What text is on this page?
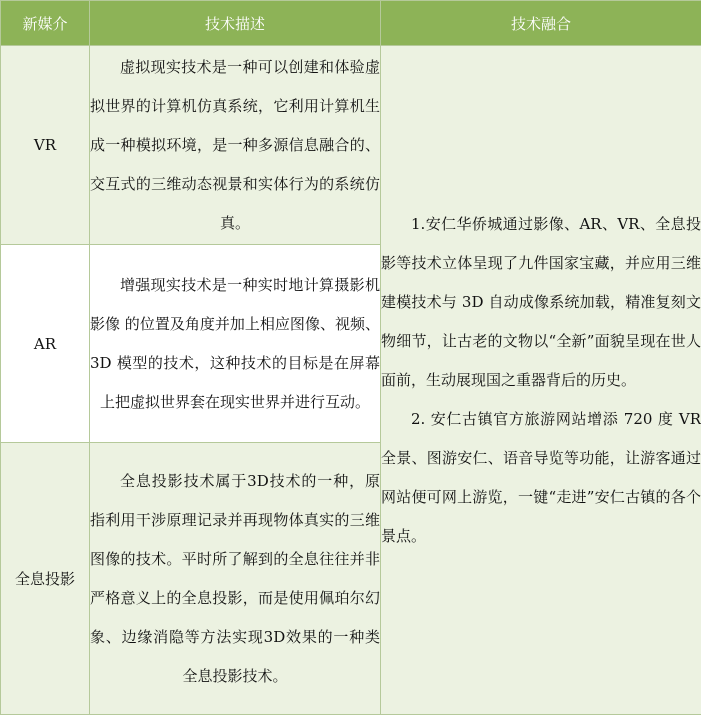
新媒介	技术描述	技术融合
VR	虚拟现实技术是一种可以创建和体验虚拟世界的计算机仿真系统，它利用计算机生成一种模拟环境，是一种多源信息融合的、交互式的三维动态视景和实体行为的系统仿真。	1.安仁华侨城通过影像、AR、VR、全息投影等技术立体呈现了九件国家宝藏，并应用三维建模技术与 3D 自动成像系统加载，精准复刻文物细节，让古老的文物以“全新”面貌呈现在世人面前，生动展现国之重器背后的历史。

2. 安仁古镇官方旅游网站增添 720 度 VR 全景、图游安仁、语音导览等功能，让游客通过网站便可网上游览，一键“走进”安仁古镇的各个景点。

AR	增强现实技术是一种实时地计算摄影机影像 的位置及角度并加上相应图像、视频、3D 模型的技术，这种技术的目标是在屏幕上把虚拟世界套在现实世界并进行互动。	

全息投影	全息投影技术属于3D技术的一种，原指利用干涉原理记录并再现物体真实的三维图像的技术。平时所了解到的全息往往并非严格意义上的全息投影，而是使用佩珀尔幻象、边缘消隐等方法实现3D效果的一种类全息投影技术。	
